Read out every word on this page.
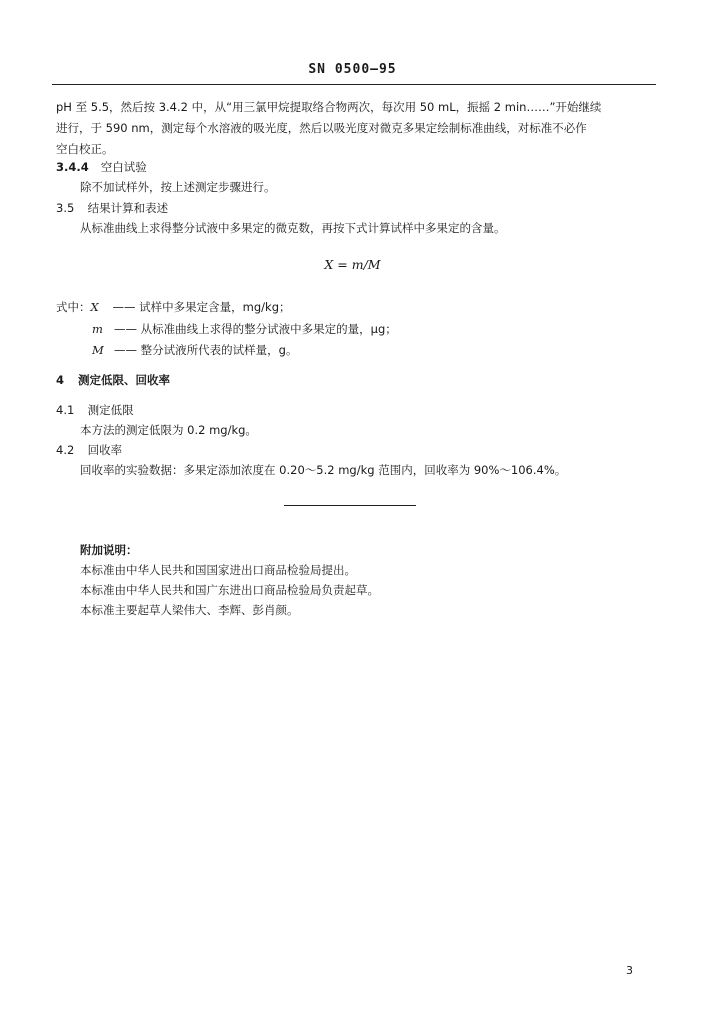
SN 0500—95
pH 至 5.5，然后按 3.4.2 中，从“用三氯甲烷提取络合物两次，每次用 50 mL，振摇 2 min……”开始继续
进行，于 590 nm，测定每个水溶液的吸光度，然后以吸光度对微克多果定绘制标准曲线，对标准不必作
空白校正。
3.4.4 空白试验
除不加试样外，按上述测定步骤进行。
3.5 结果计算和表述
从标准曲线上求得整分试液中多果定的微克数，再按下式计算试样中多果定的含量。
X = m/M
式中：X —— 试样中多果定含量，mg/kg；
m —— 从标准曲线上求得的整分试液中多果定的量，μg；
M —— 整分试液所代表的试样量，g。
4 测定低限、回收率
4.1 测定低限
本方法的测定低限为 0.2 mg/kg。
4.2 回收率
回收率的实验数据：多果定添加浓度在 0.20～5.2 mg/kg 范围内，回收率为 90%～106.4%。
附加说明：
本标准由中华人民共和国国家进出口商品检验局提出。
本标准由中华人民共和国广东进出口商品检验局负责起草。
本标准主要起草人梁伟大、李辉、彭肖颜。
3
